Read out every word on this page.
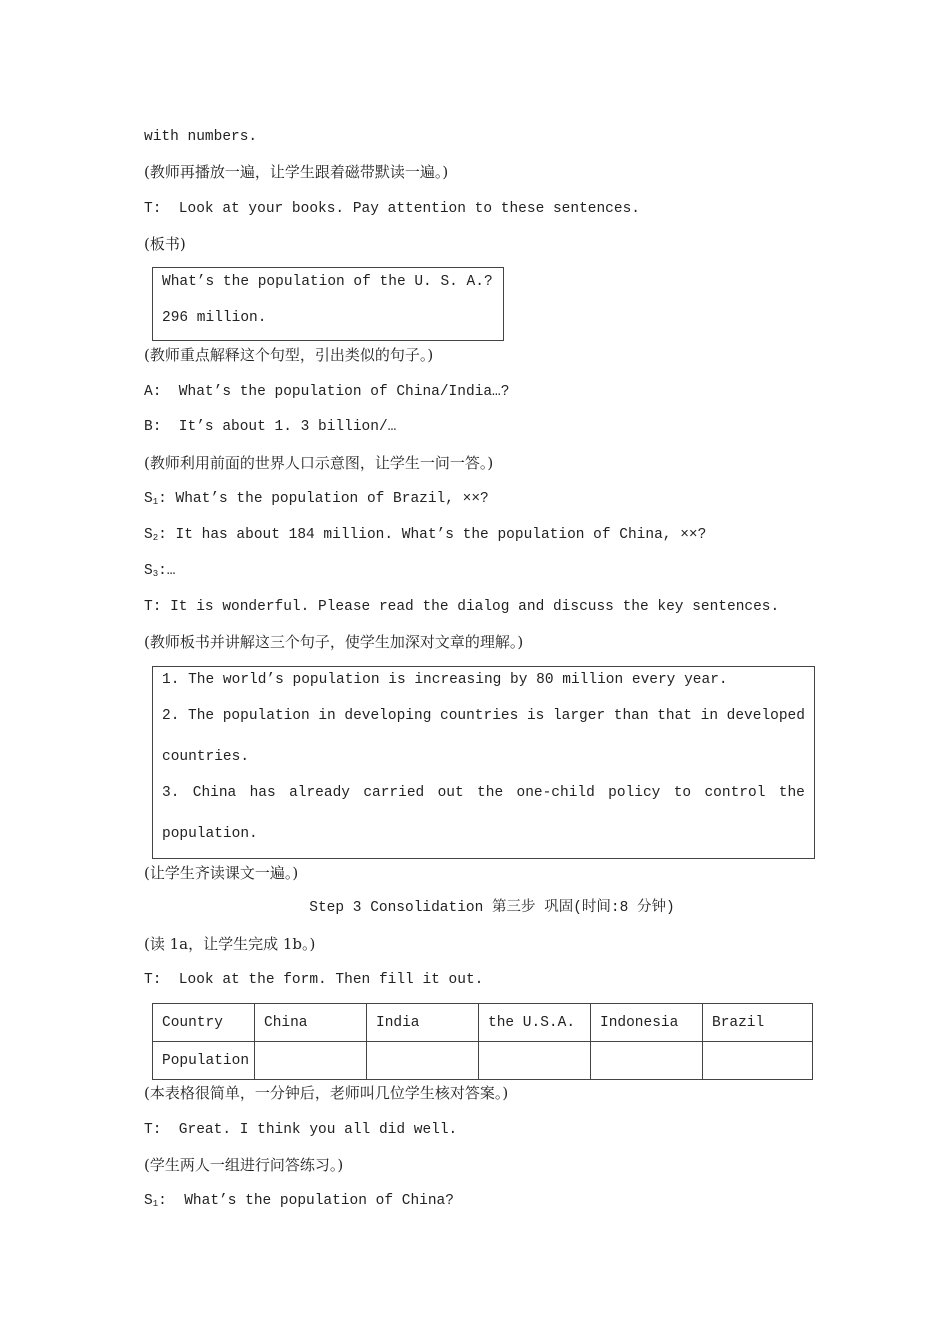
with numbers.
(教师再播放一遍，让学生跟着磁带默读一遍。)
T:  Look at your books. Pay attention to these sentences.
(板书)
What’s the population of the U. S. A.?
296 million.
(教师重点解释这个句型，引出类似的句子。)
A:  What’s the population of China/India…?
B:  It’s about 1. 3 billion/…
(教师利用前面的世界人口示意图，让学生一问一答。)
$S_1$: What’s the population of Brazil, ××?
$S_2$: It has about 184 million. What’s the population of China, ××?
$S_3:\dots$
T: It is wonderful. Please read the dialog and discuss the key sentences.
(教师板书并讲解这三个句子，使学生加深对文章的理解。)
1. The world’s population is increasing by 80 million every year.
2. The population in developing countries is larger than that in developed
countries.
3. China has already carried out the one-child policy to control the
population.
(让学生齐读课文一遍。)
Step 3 Consolidation 第三步 巩固(时间:8 分钟)
(读 1a，让学生完成 1b。)
T:  Look at the form. Then fill it out.
Country	China	India	the U.S.A.	Indonesia	Brazil
Population					
(本表格很简单，一分钟后，老师叫几位学生核对答案。)
T:  Great. I think you all did well.
(学生两人一组进行问答练习。)
$S_1$:  What’s the population of China?
